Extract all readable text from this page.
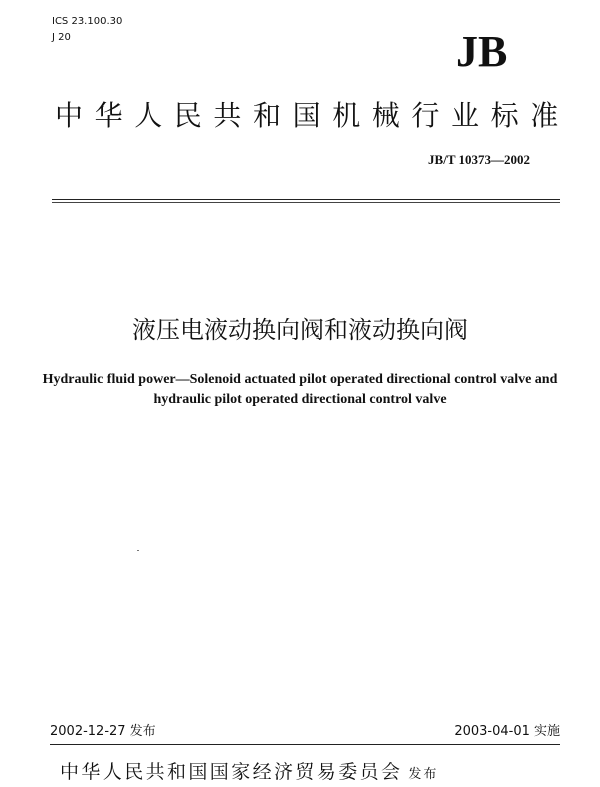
ICS 23.100.30
J 20	JB
中华人民共和国机械行业标准
JB/T 10373—2002
液压电液动换向阀和液动换向阀
Hydraulic fluid power—Solenoid actuated pilot operated directional control valve and hydraulic pilot operated directional control valve
2002-12-27 发布	2003-04-01 实施
中华人民共和国国家经济贸易委员会 发布
